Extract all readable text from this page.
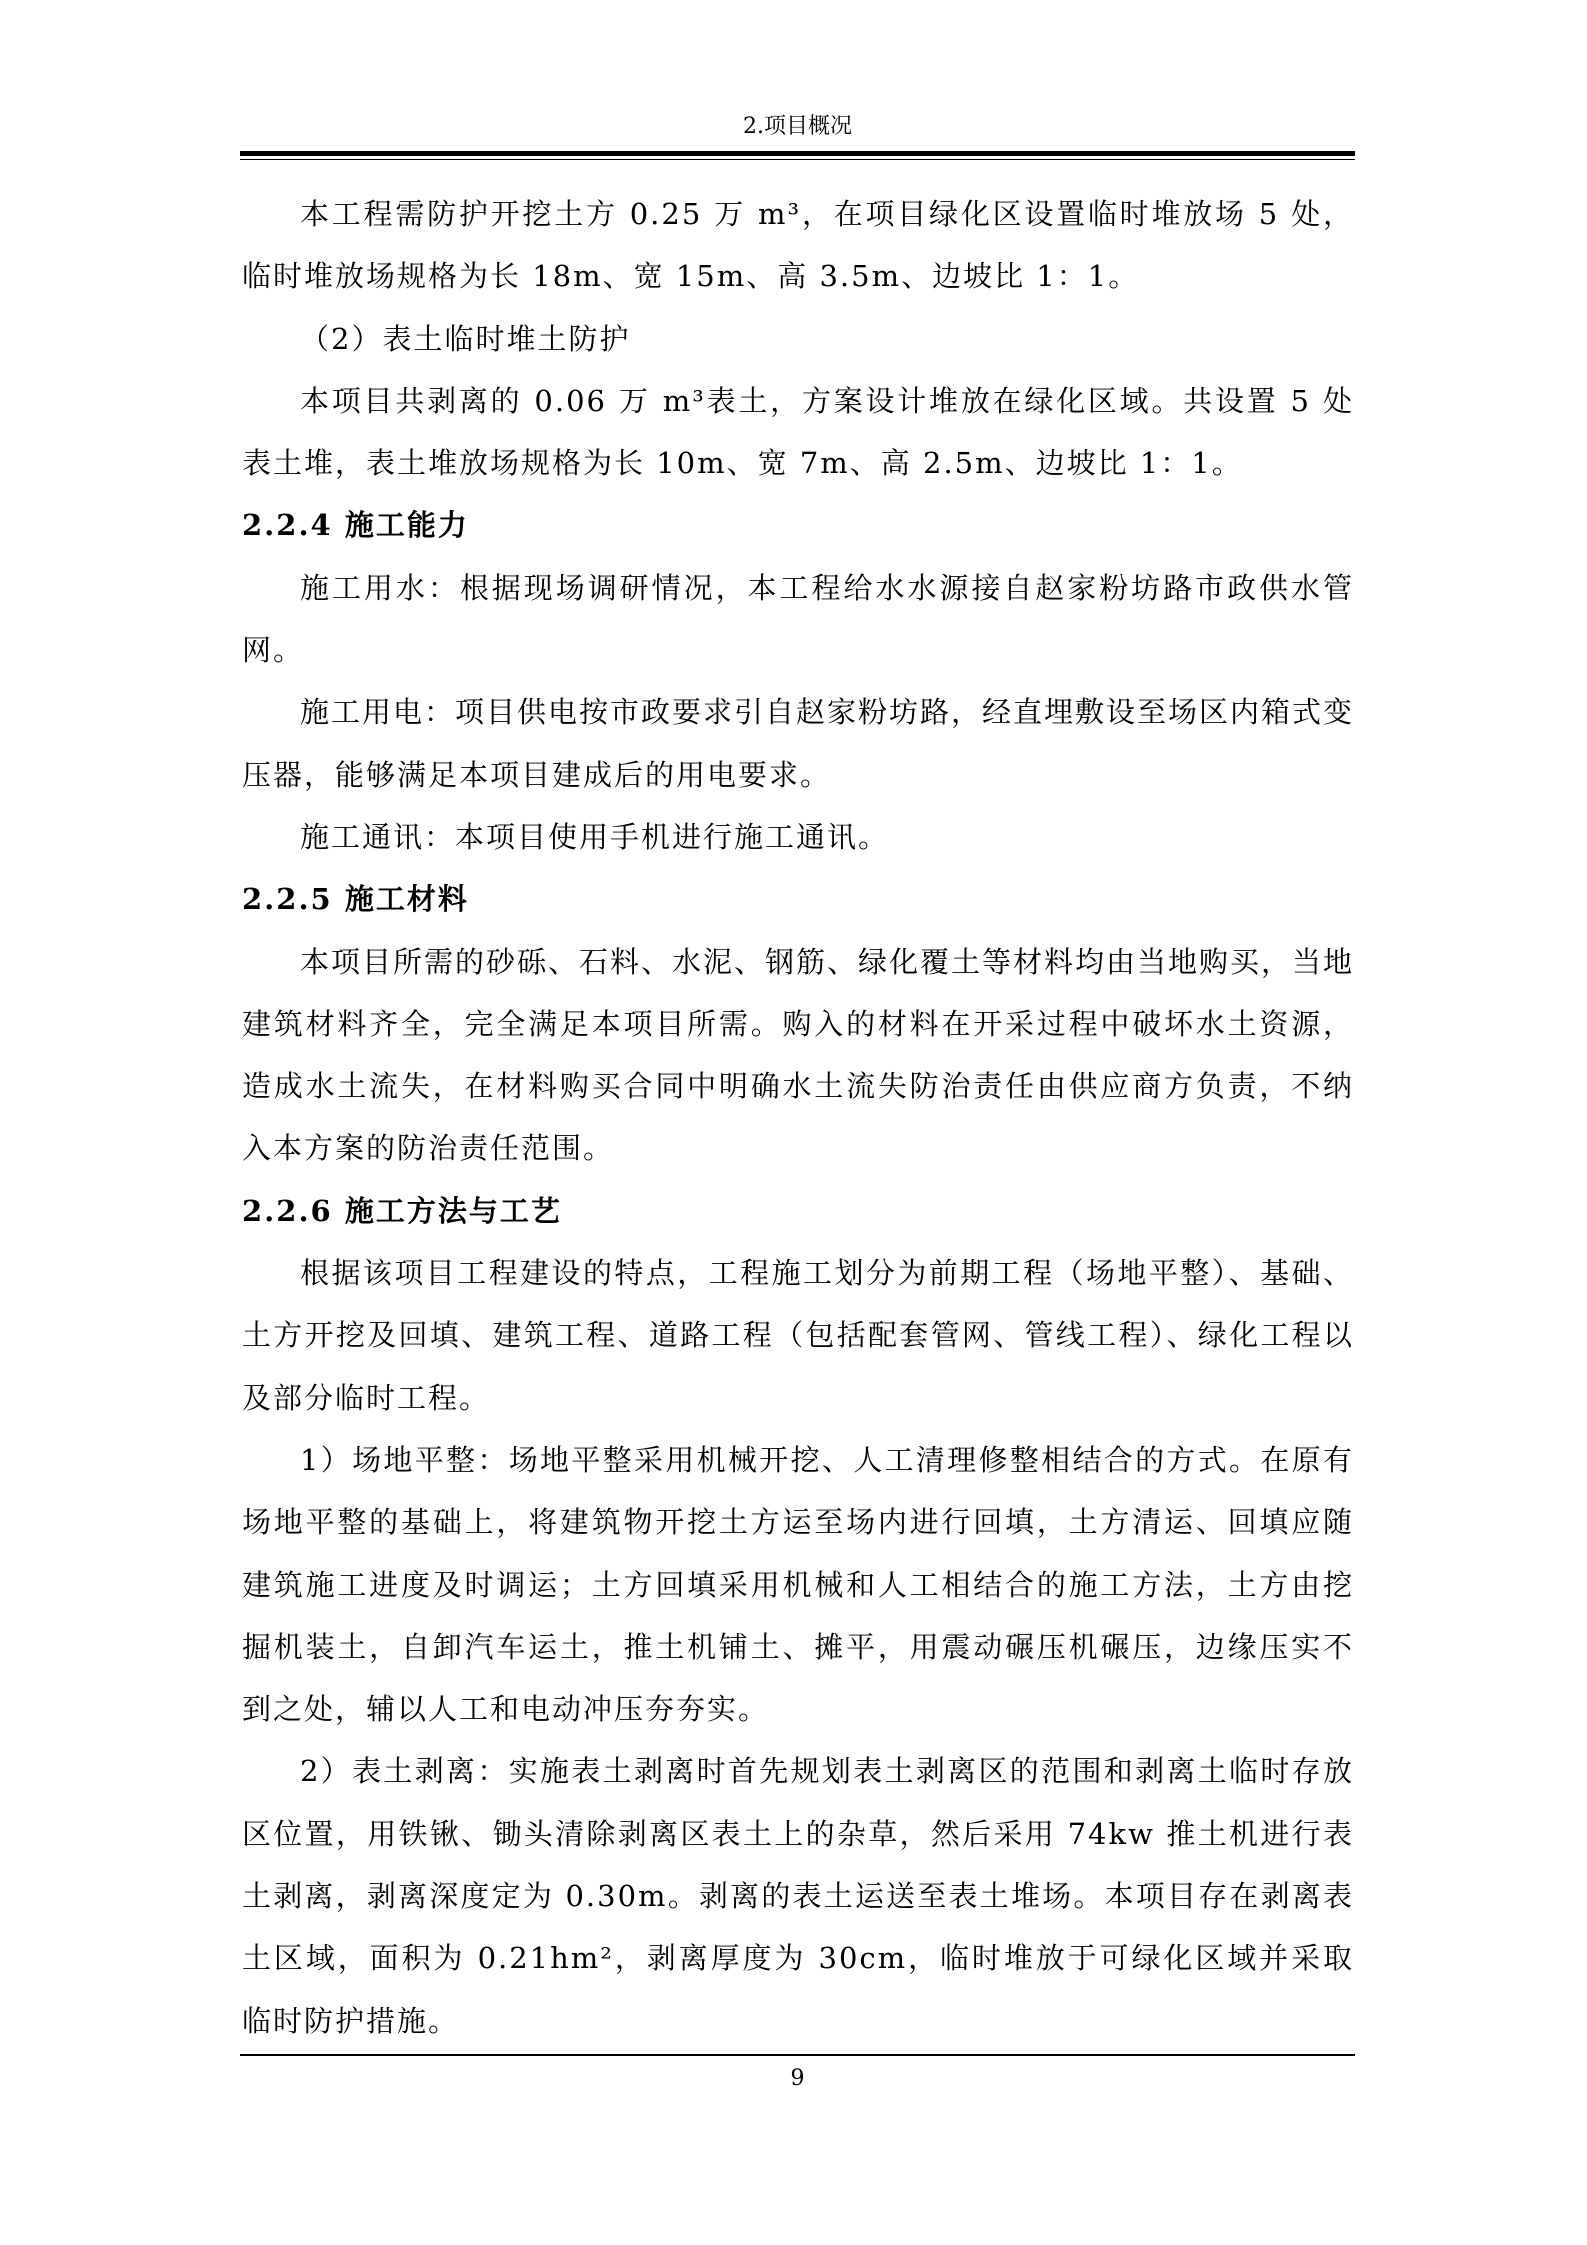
2.项目概况

本工程需防护开挖土方 0.25 万 m³，在项目绿化区设置临时堆放场 5 处，临时堆放场规格为长 18m、宽 15m、高 3.5m、边坡比 1：1。

（2）表土临时堆土防护

本项目共剥离的 0.06 万 m³表土，方案设计堆放在绿化区域。共设置 5 处表土堆，表土堆放场规格为长 10m、宽 7m、高 2.5m、边坡比 1：1。

2.2.4 施工能力

施工用水：根据现场调研情况，本工程给水水源接自赵家粉坊路市政供水管网。

施工用电：项目供电按市政要求引自赵家粉坊路，经直埋敷设至场区内箱式变压器，能够满足本项目建成后的用电要求。

施工通讯：本项目使用手机进行施工通讯。

2.2.5 施工材料

本项目所需的砂砾、石料、水泥、钢筋、绿化覆土等材料均由当地购买，当地建筑材料齐全，完全满足本项目所需。购入的材料在开采过程中破坏水土资源，造成水土流失，在材料购买合同中明确水土流失防治责任由供应商方负责，不纳入本方案的防治责任范围。

2.2.6 施工方法与工艺

根据该项目工程建设的特点，工程施工划分为前期工程（场地平整）、基础、土方开挖及回填、建筑工程、道路工程（包括配套管网、管线工程）、绿化工程以及部分临时工程。

1）场地平整：场地平整采用机械开挖、人工清理修整相结合的方式。在原有场地平整的基础上，将建筑物开挖土方运至场内进行回填，土方清运、回填应随建筑施工进度及时调运；土方回填采用机械和人工相结合的施工方法，土方由挖掘机装土，自卸汽车运土，推土机铺土、摊平，用震动碾压机碾压，边缘压实不到之处，辅以人工和电动冲压夯夯实。

2）表土剥离：实施表土剥离时首先规划表土剥离区的范围和剥离土临时存放区位置，用铁锹、锄头清除剥离区表土上的杂草，然后采用 74kw 推土机进行表土剥离，剥离深度定为 0.30m。剥离的表土运送至表土堆场。本项目存在剥离表土区域，面积为 0.21hm²，剥离厚度为 30cm，临时堆放于可绿化区域并采取临时防护措施。

9
